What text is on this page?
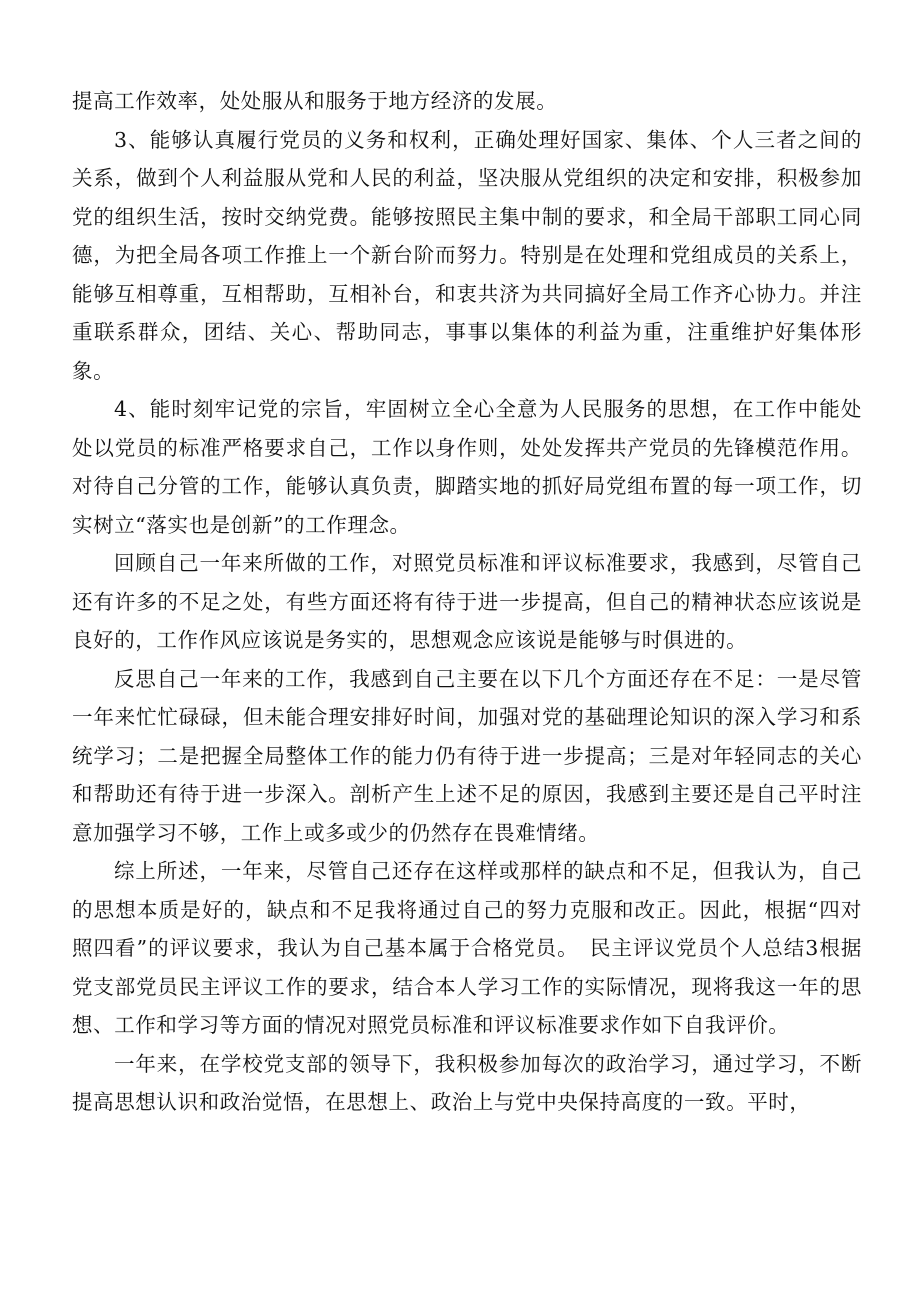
提高工作效率，处处服从和服务于地方经济的发展。

3、能够认真履行党员的义务和权利，正确处理好国家、集体、个人三者之间的关系，做到个人利益服从党和人民的利益，坚决服从党组织的决定和安排，积极参加党的组织生活，按时交纳党费。能够按照民主集中制的要求，和全局干部职工同心同德，为把全局各项工作推上一个新台阶而努力。特别是在处理和党组成员的关系上，能够互相尊重，互相帮助，互相补台，和衷共济为共同搞好全局工作齐心协力。并注重联系群众，团结、关心、帮助同志，事事以集体的利益为重，注重维护好集体形象。

4、能时刻牢记党的宗旨，牢固树立全心全意为人民服务的思想，在工作中能处处以党员的标准严格要求自己，工作以身作则，处处发挥共产党员的先锋模范作用。对待自己分管的工作，能够认真负责，脚踏实地的抓好局党组布置的每一项工作，切实树立“落实也是创新”的工作理念。

回顾自己一年来所做的工作，对照党员标准和评议标准要求，我感到，尽管自己还有许多的不足之处，有些方面还将有待于进一步提高，但自己的精神状态应该说是良好的，工作作风应该说是务实的，思想观念应该说是能够与时俱进的。

反思自己一年来的工作，我感到自己主要在以下几个方面还存在不足：一是尽管一年来忙忙碌碌，但未能合理安排好时间，加强对党的基础理论知识的深入学习和系统学习；二是把握全局整体工作的能力仍有待于进一步提高；三是对年轻同志的关心和帮助还有待于进一步深入。剖析产生上述不足的原因，我感到主要还是自己平时注意加强学习不够，工作上或多或少的仍然存在畏难情绪。

综上所述，一年来，尽管自己还存在这样或那样的缺点和不足，但我认为，自己的思想本质是好的，缺点和不足我将通过自己的努力克服和改正。因此，根据“四对照四看”的评议要求，我认为自己基本属于合格党员。　民主评议党员个人总结3根据党支部党员民主评议工作的要求，结合本人学习工作的实际情况，现将我这一年的思想、工作和学习等方面的情况对照党员标准和评议标准要求作如下自我评价。

一年来，在学校党支部的领导下，我积极参加每次的政治学习，通过学习，不断提高思想认识和政治觉悟，在思想上、政治上与党中央保持高度的一致。平时，
